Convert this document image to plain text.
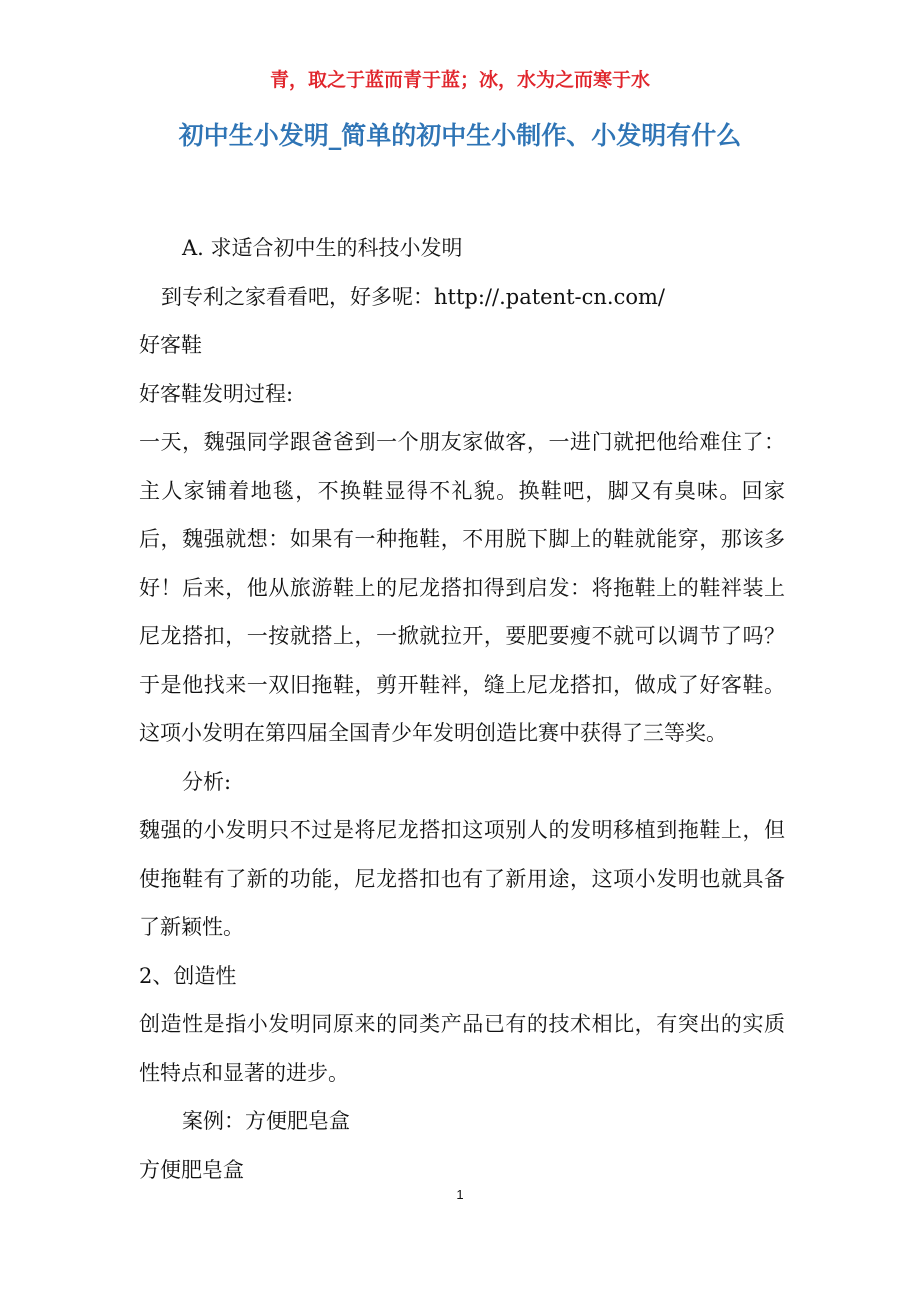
青，取之于蓝而青于蓝；冰，水为之而寒于水
初中生小发明_简单的初中生小制作、小发明有什么

A. 求适合初中生的科技小发明

到专利之家看看吧，好多呢：http://.patent-cn.com/

好客鞋

好客鞋发明过程:

一天，魏强同学跟爸爸到一个朋友家做客，一进门就把他给难住了：主人家铺着地毯，不换鞋显得不礼貌。换鞋吧，脚又有臭味。回家后，魏强就想：如果有一种拖鞋，不用脱下脚上的鞋就能穿，那该多好！后来，他从旅游鞋上的尼龙搭扣得到启发：将拖鞋上的鞋袢装上尼龙搭扣，一按就搭上，一掀就拉开，要肥要瘦不就可以调节了吗？于是他找来一双旧拖鞋，剪开鞋袢，缝上尼龙搭扣，做成了好客鞋。这项小发明在第四届全国青少年发明创造比赛中获得了三等奖。

分析:

魏强的小发明只不过是将尼龙搭扣这项别人的发明移植到拖鞋上，但使拖鞋有了新的功能，尼龙搭扣也有了新用途，这项小发明也就具备了新颖性。

2、创造性

创造性是指小发明同原来的同类产品已有的技术相比，有突出的实质性特点和显著的进步。

案例：方便肥皂盒

方便肥皂盒

1
